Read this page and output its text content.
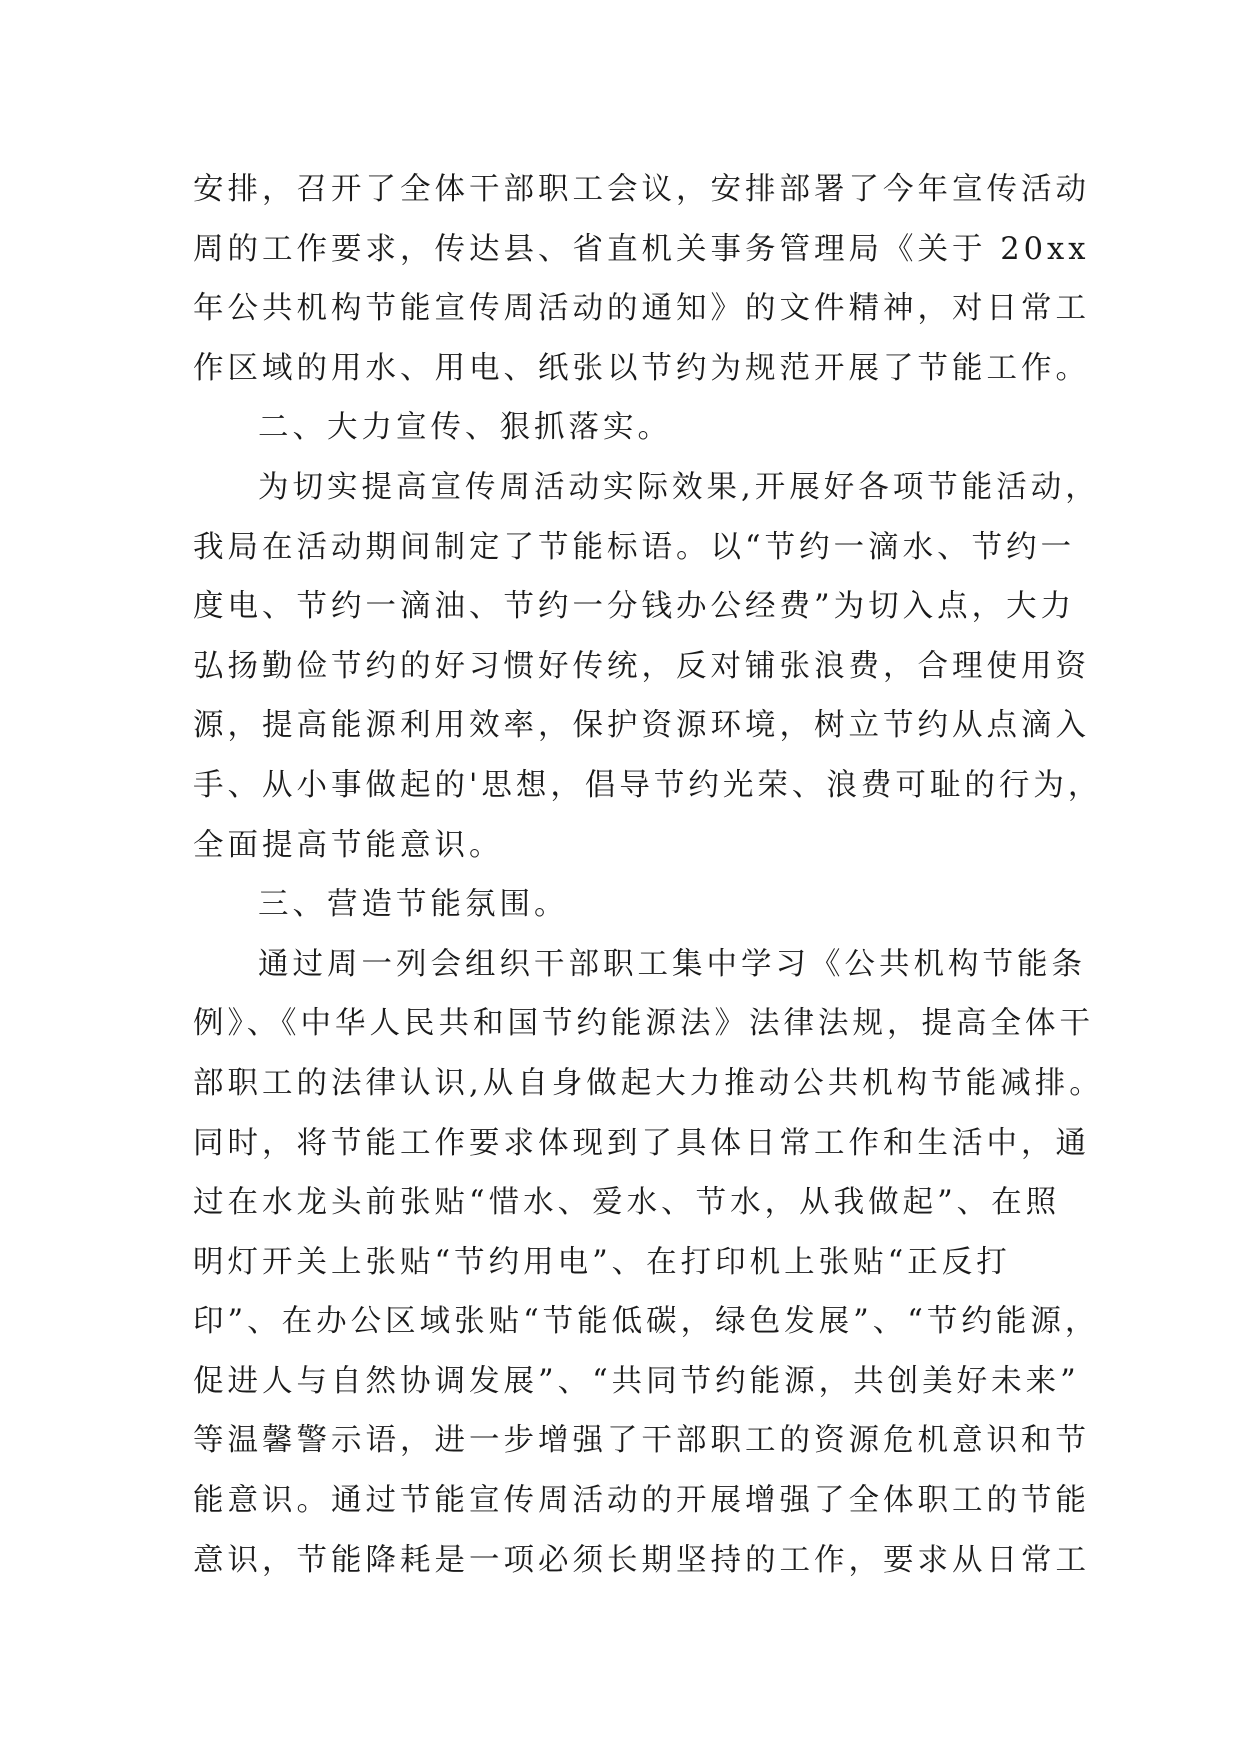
安排，召开了全体干部职工会议，安排部署了今年宣传活动
周的工作要求，传达县、省直机关事务管理局《关于 20xx
年公共机构节能宣传周活动的通知》的文件精神，对日常工
作区域的用水、用电、纸张以节约为规范开展了节能工作。
二、大力宣传、狠抓落实。
为切实提高宣传周活动实际效果,开展好各项节能活动，
我局在活动期间制定了节能标语。以“节约一滴水、节约一
度电、节约一滴油、节约一分钱办公经费”为切入点，大力
弘扬勤俭节约的好习惯好传统，反对铺张浪费，合理使用资
源，提高能源利用效率，保护资源环境，树立节约从点滴入
手、从小事做起的'思想，倡导节约光荣、浪费可耻的行为，
全面提高节能意识。
三、营造节能氛围。
通过周一列会组织干部职工集中学习《公共机构节能条
例》、《中华人民共和国节约能源法》法律法规，提高全体干
部职工的法律认识,从自身做起大力推动公共机构节能减排。
同时，将节能工作要求体现到了具体日常工作和生活中，通
过在水龙头前张贴“惜水、爱水、节水，从我做起”、在照
明灯开关上张贴“节约用电”、在打印机上张贴“正反打
印”、在办公区域张贴“节能低碳，绿色发展”、“节约能源，
促进人与自然协调发展”、“共同节约能源，共创美好未来”
等温馨警示语，进一步增强了干部职工的资源危机意识和节
能意识。通过节能宣传周活动的开展增强了全体职工的节能
意识，节能降耗是一项必须长期坚持的工作，要求从日常工
